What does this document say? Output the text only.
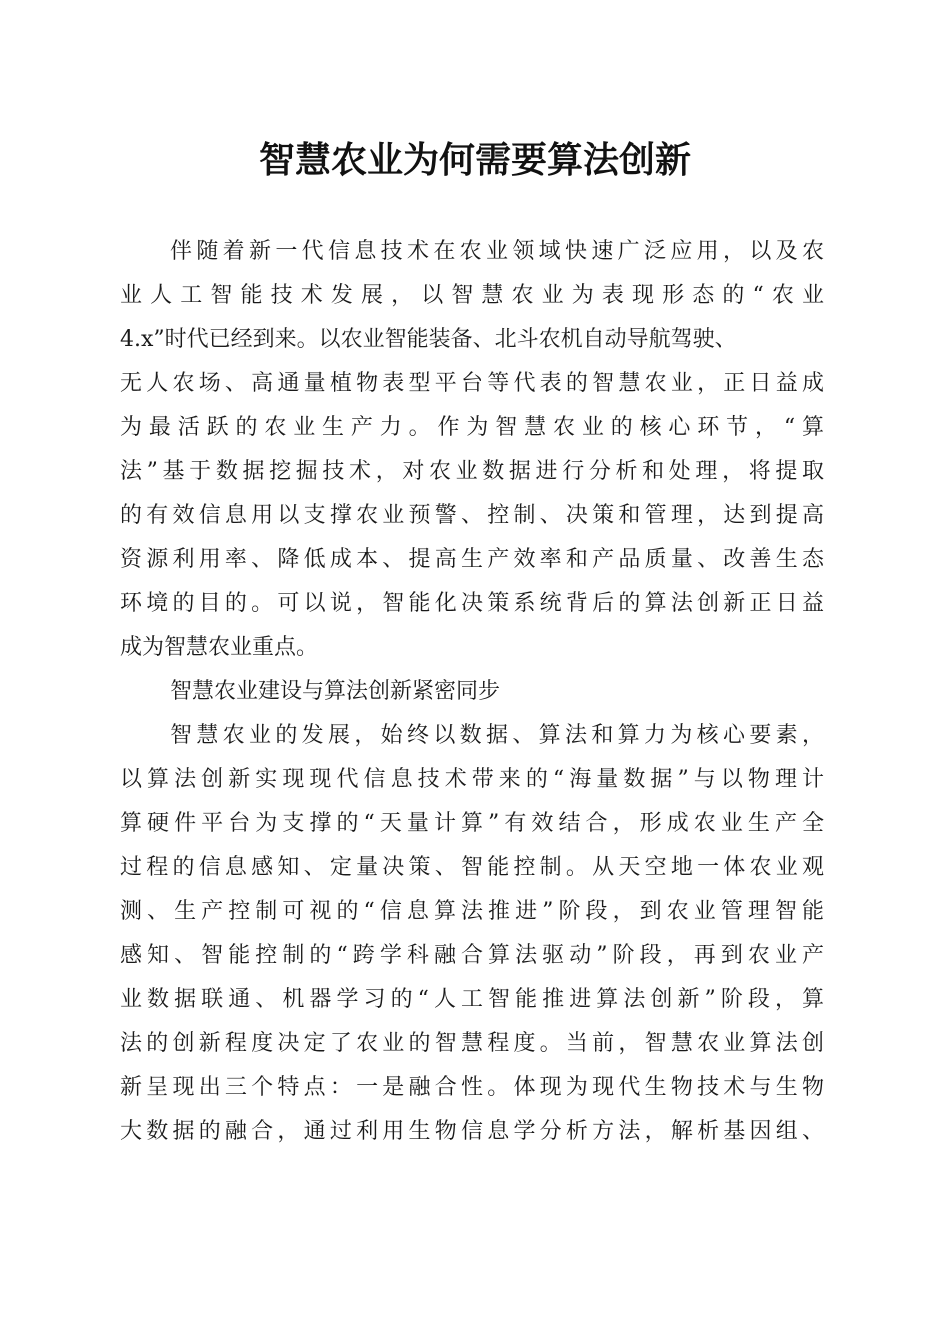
智慧农业为何需要算法创新
伴随着新一代信息技术在农业领域快速广泛应用，以及农
业人工智能技术发展，以智慧农业为表现形态的“农业
4.x”时代已经到来。以农业智能装备、北斗农机自动导航驾驶、
无人农场、高通量植物表型平台等代表的智慧农业，正日益成
为最活跃的农业生产力。作为智慧农业的核心环节，“算
法”基于数据挖掘技术，对农业数据进行分析和处理，将提取
的有效信息用以支撑农业预警、控制、决策和管理，达到提高
资源利用率、降低成本、提高生产效率和产品质量、改善生态
环境的目的。可以说，智能化决策系统背后的算法创新正日益
成为智慧农业重点。
智慧农业建设与算法创新紧密同步
智慧农业的发展，始终以数据、算法和算力为核心要素，
以算法创新实现现代信息技术带来的“海量数据”与以物理计
算硬件平台为支撑的“天量计算”有效结合，形成农业生产全
过程的信息感知、定量决策、智能控制。从天空地一体农业观
测、生产控制可视的“信息算法推进”阶段，到农业管理智能
感知、智能控制的“跨学科融合算法驱动”阶段，再到农业产
业数据联通、机器学习的“人工智能推进算法创新”阶段，算
法的创新程度决定了农业的智慧程度。当前，智慧农业算法创
新呈现出三个特点：一是融合性。体现为现代生物技术与生物
大数据的融合，通过利用生物信息学分析方法，解析基因组、
